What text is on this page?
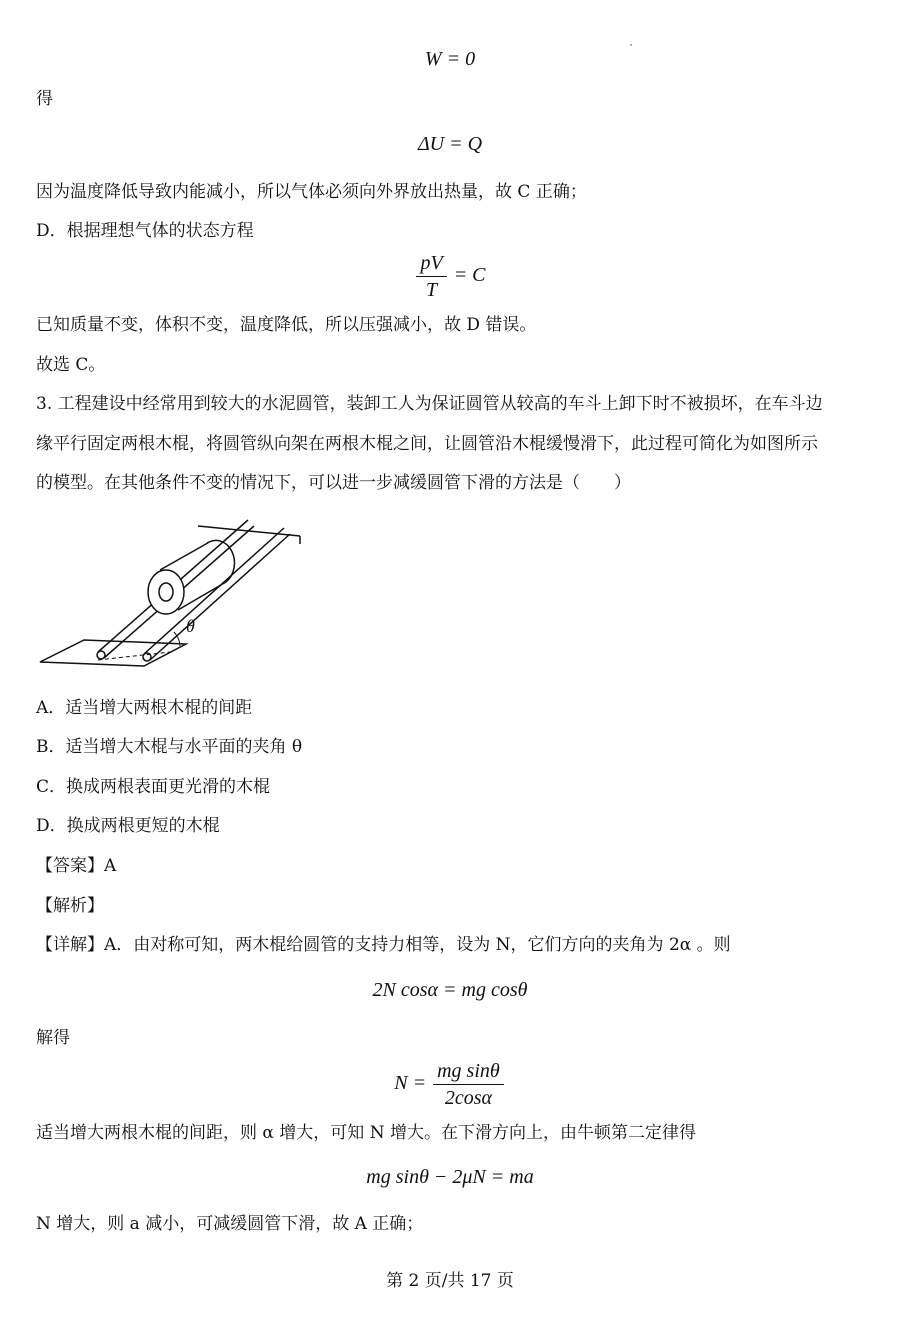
W = 0
得
ΔU = Q
因为温度降低导致内能减小，所以气体必须向外界放出热量，故 C 正确；
D．根据理想气体的状态方程
$\frac{pV}{T} = C$
已知质量不变，体积不变，温度降低，所以压强减小，故 D 错误。
故选 C。
3. 工程建设中经常用到较大的水泥圆管，装卸工人为保证圆管从较高的车斗上卸下时不被损坏，在车斗边
缘平行固定两根木棍，将圆管纵向架在两根木棍之间，让圆管沿木棍缓慢滑下，此过程可简化为如图所示
的模型。在其他条件不变的情况下，可以进一步减缓圆管下滑的方法是（　　）
θ
A．适当增大两根木棍的间距
B．适当增大木棍与水平面的夹角 θ
C．换成两根表面更光滑的木棍
D．换成两根更短的木棍
【答案】A
【解析】
【详解】A．由对称可知，两木棍给圆管的支持力相等，设为 N，它们方向的夹角为 2α 。则
2N cosα = mg cosθ
解得
$N = \frac{\text{mg sinθ}}{2\cos\alpha}$
适当增大两根木棍的间距，则 α 增大，可知 N 增大。在下滑方向上，由牛顿第二定律得
mg sinθ − 2μN = ma
N 增大，则 a 减小，可减缓圆管下滑，故 A 正确；
第 2 页/共 17 页
